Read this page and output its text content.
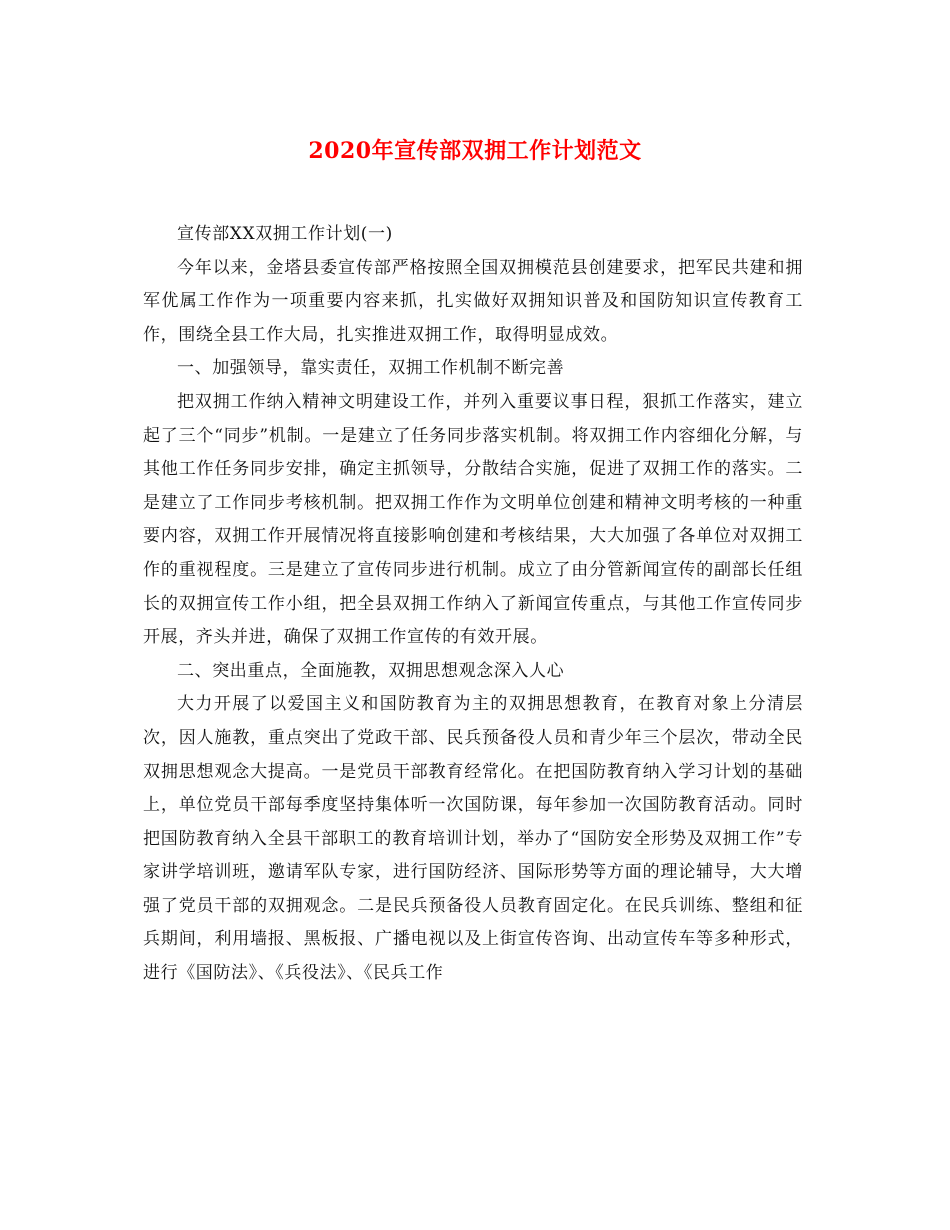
2020年宣传部双拥工作计划范文

宣传部XX双拥工作计划(一)

今年以来，金塔县委宣传部严格按照全国双拥模范县创建要求，把军民共建和拥军优属工作作为一项重要内容来抓，扎实做好双拥知识普及和国防知识宣传教育工作，围绕全县工作大局，扎实推进双拥工作，取得明显成效。

一、加强领导，靠实责任，双拥工作机制不断完善

把双拥工作纳入精神文明建设工作，并列入重要议事日程，狠抓工作落实，建立起了三个“同步”机制。一是建立了任务同步落实机制。将双拥工作内容细化分解，与其他工作任务同步安排，确定主抓领导，分散结合实施，促进了双拥工作的落实。二是建立了工作同步考核机制。把双拥工作作为文明单位创建和精神文明考核的一种重要内容，双拥工作开展情况将直接影响创建和考核结果，大大加强了各单位对双拥工作的重视程度。三是建立了宣传同步进行机制。成立了由分管新闻宣传的副部长任组长的双拥宣传工作小组，把全县双拥工作纳入了新闻宣传重点，与其他工作宣传同步开展，齐头并进，确保了双拥工作宣传的有效开展。

二、突出重点，全面施教，双拥思想观念深入人心

大力开展了以爱国主义和国防教育为主的双拥思想教育，在教育对象上分清层次，因人施教，重点突出了党政干部、民兵预备役人员和青少年三个层次，带动全民双拥思想观念大提高。一是党员干部教育经常化。在把国防教育纳入学习计划的基础上，单位党员干部每季度坚持集体听一次国防课，每年参加一次国防教育活动。同时把国防教育纳入全县干部职工的教育培训计划，举办了“国防安全形势及双拥工作”专家讲学培训班，邀请军队专家，进行国防经济、国际形势等方面的理论辅导，大大增强了党员干部的双拥观念。二是民兵预备役人员教育固定化。在民兵训练、整组和征兵期间，利用墙报、黑板报、广播电视以及上街宣传咨询、出动宣传车等多种形式，进行《国防法》、《兵役法》、《民兵工作
